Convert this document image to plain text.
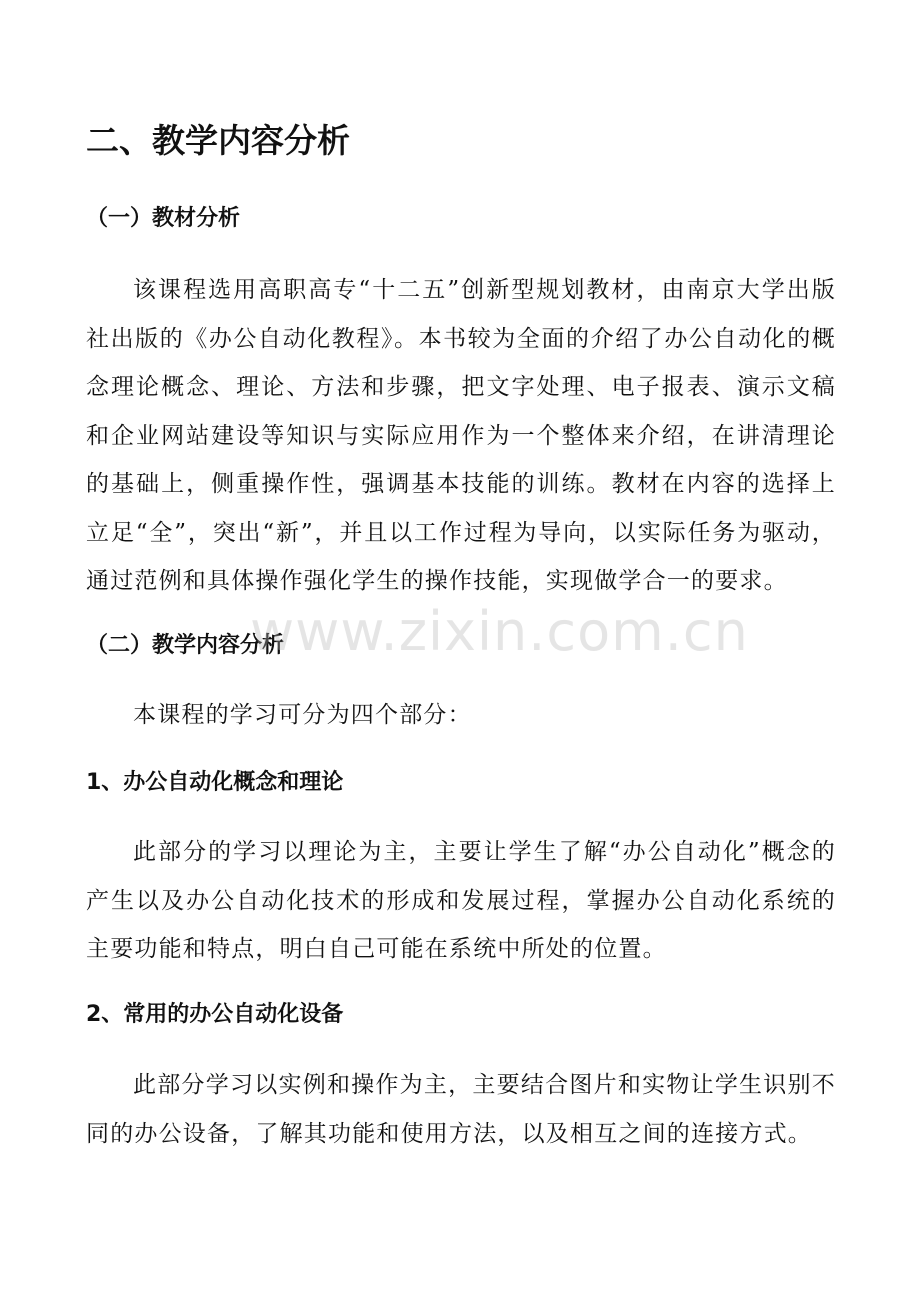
二、教学内容分析
（一）教材分析

该课程选用高职高专“十二五”创新型规划教材，由南京大学出版社出版的《办公自动化教程》。本书较为全面的介绍了办公自动化的概念理论概念、理论、方法和步骤，把文字处理、电子报表、演示文稿和企业网站建设等知识与实际应用作为一个整体来介绍，在讲清理论的基础上，侧重操作性，强调基本技能的训练。教材在内容的选择上立足“全”，突出“新”，并且以工作过程为导向，以实际任务为驱动，通过范例和具体操作强化学生的操作技能，实现做学合一的要求。

（二）教学内容分析

本课程的学习可分为四个部分：

1、办公自动化概念和理论

此部分的学习以理论为主，主要让学生了解“办公自动化”概念的产生以及办公自动化技术的形成和发展过程，掌握办公自动化系统的主要功能和特点，明白自己可能在系统中所处的位置。

2、常用的办公自动化设备

此部分学习以实例和操作为主，主要结合图片和实物让学生识别不同的办公设备，了解其功能和使用方法，以及相互之间的连接方式。

www.zixin.com.cn
